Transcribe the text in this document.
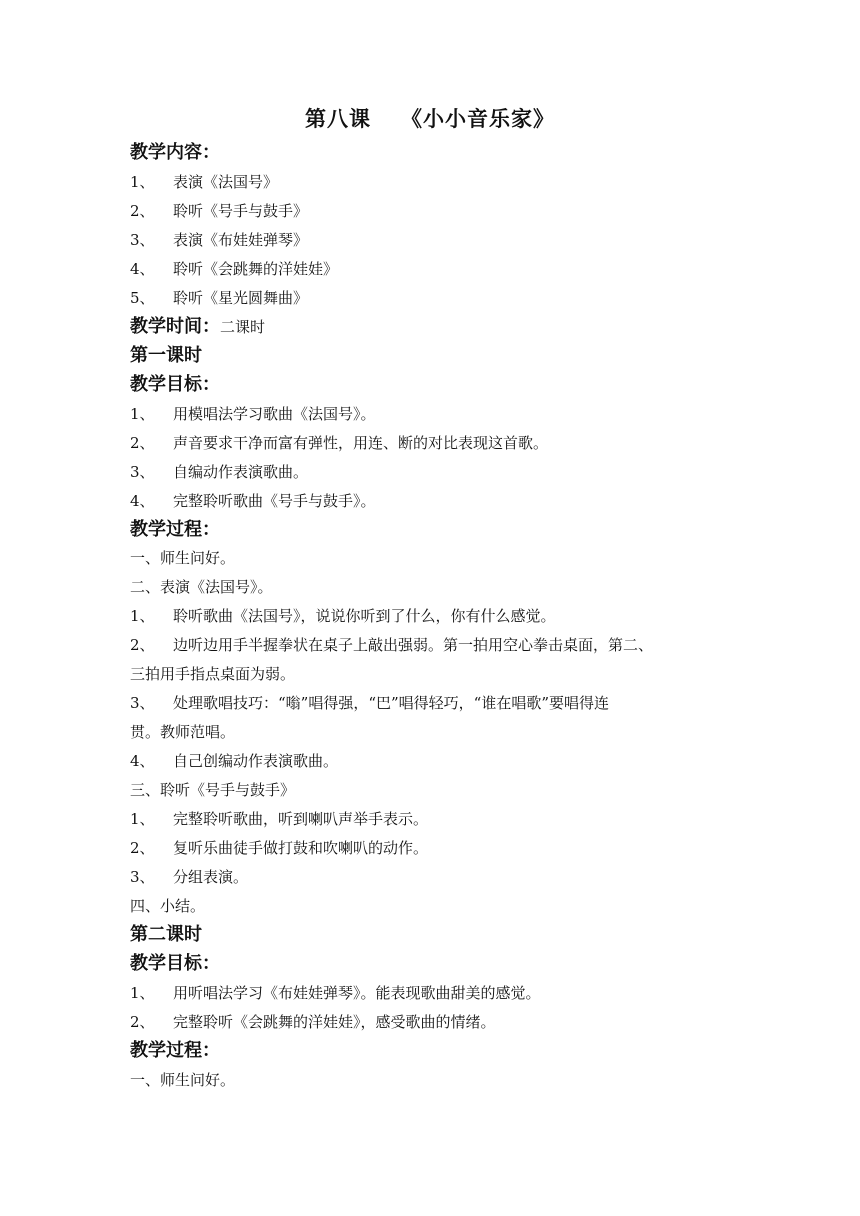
第八课 《小小音乐家》
教学内容：
1、 表演《法国号》
2、 聆听《号手与鼓手》
3、 表演《布娃娃弹琴》
4、 聆听《会跳舞的洋娃娃》
5、 聆听《星光圆舞曲》
教学时间：二课时
第一课时
教学目标：
1、 用模唱法学习歌曲《法国号》。
2、 声音要求干净而富有弹性，用连、断的对比表现这首歌。
3、 自编动作表演歌曲。
4、 完整聆听歌曲《号手与鼓手》。
教学过程：
一、师生问好。
二、表演《法国号》。
1、 聆听歌曲《法国号》，说说你听到了什么，你有什么感觉。
2、 边听边用手半握拳状在桌子上敲出强弱。第一拍用空心拳击桌面，第二、
三拍用手指点桌面为弱。
3、 处理歌唱技巧：“嗡”唱得强，“巴”唱得轻巧，“谁在唱歌”要唱得连
贯。教师范唱。
4、 自己创编动作表演歌曲。
三、聆听《号手与鼓手》
1、 完整聆听歌曲，听到喇叭声举手表示。
2、 复听乐曲徒手做打鼓和吹喇叭的动作。
3、 分组表演。
四、小结。
第二课时
教学目标：
1、 用听唱法学习《布娃娃弹琴》。能表现歌曲甜美的感觉。
2、 完整聆听《会跳舞的洋娃娃》，感受歌曲的情绪。
教学过程：
一、师生问好。
